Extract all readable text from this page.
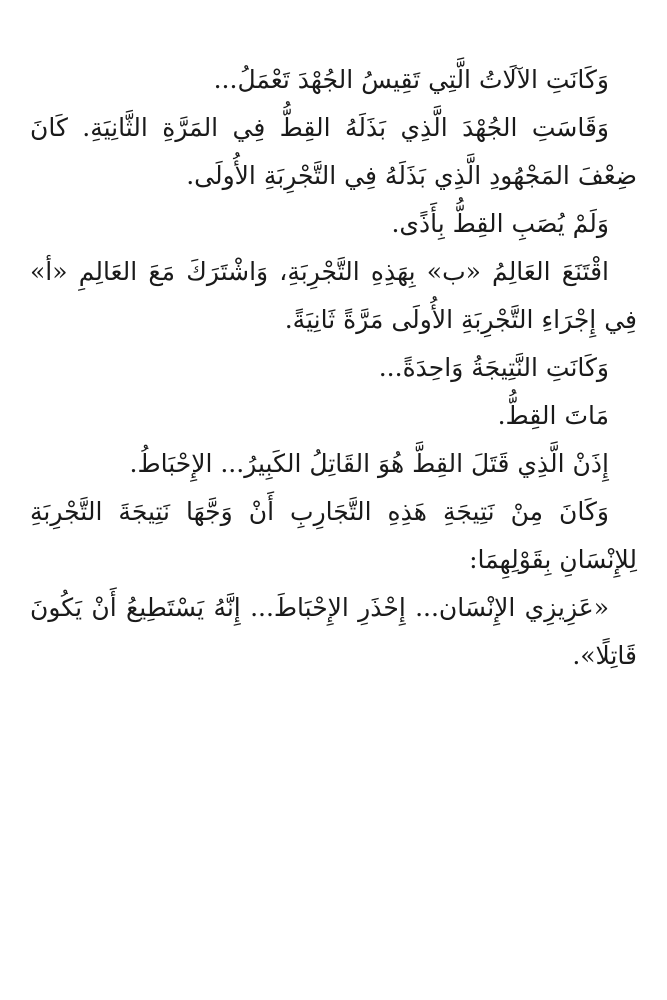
وَكَانَتِ الآلَاتُ الَّتِي تَقِيسُ الجُهْدَ تَعْمَلُ...

وَقَاسَتِ الجُهْدَ الَّذِي بَذَلَهُ القِطُّ فِي المَرَّةِ الثَّانِيَةِ. كَانَ ضِعْفَ المَجْهُودِ الَّذِي بَذَلَهُ فِي التَّجْرِبَةِ الأُولَى.

وَلَمْ يُصَبِ القِطُّ بِأَذًى.

اقْتَنَعَ العَالِمُ «ب» بِهَذِهِ التَّجْرِبَةِ، وَاشْتَرَكَ مَعَ العَالِمِ «أ» فِي إِجْرَاءِ التَّجْرِبَةِ الأُولَى مَرَّةً ثَانِيَةً.

وَكَانَتِ النَّتِيجَةُ وَاحِدَةً...

مَاتَ القِطُّ.

إِذَنْ الَّذِي قَتَلَ القِطَّ هُوَ القَاتِلُ الكَبِيرُ... الإِحْبَاطُ.

وَكَانَ مِنْ نَتِيجَةِ هَذِهِ التَّجَارِبِ أَنْ وَجَّهَا نَتِيجَةَ التَّجْرِبَةِ لِلإِنْسَانِ بِقَوْلِهِمَا:

«عَزِيزِي الإِنْسَان... إِحْذَرِ الإِحْبَاطَ... إِنَّهُ يَسْتَطِيعُ أَنْ يَكُونَ قَاتِلًا».
